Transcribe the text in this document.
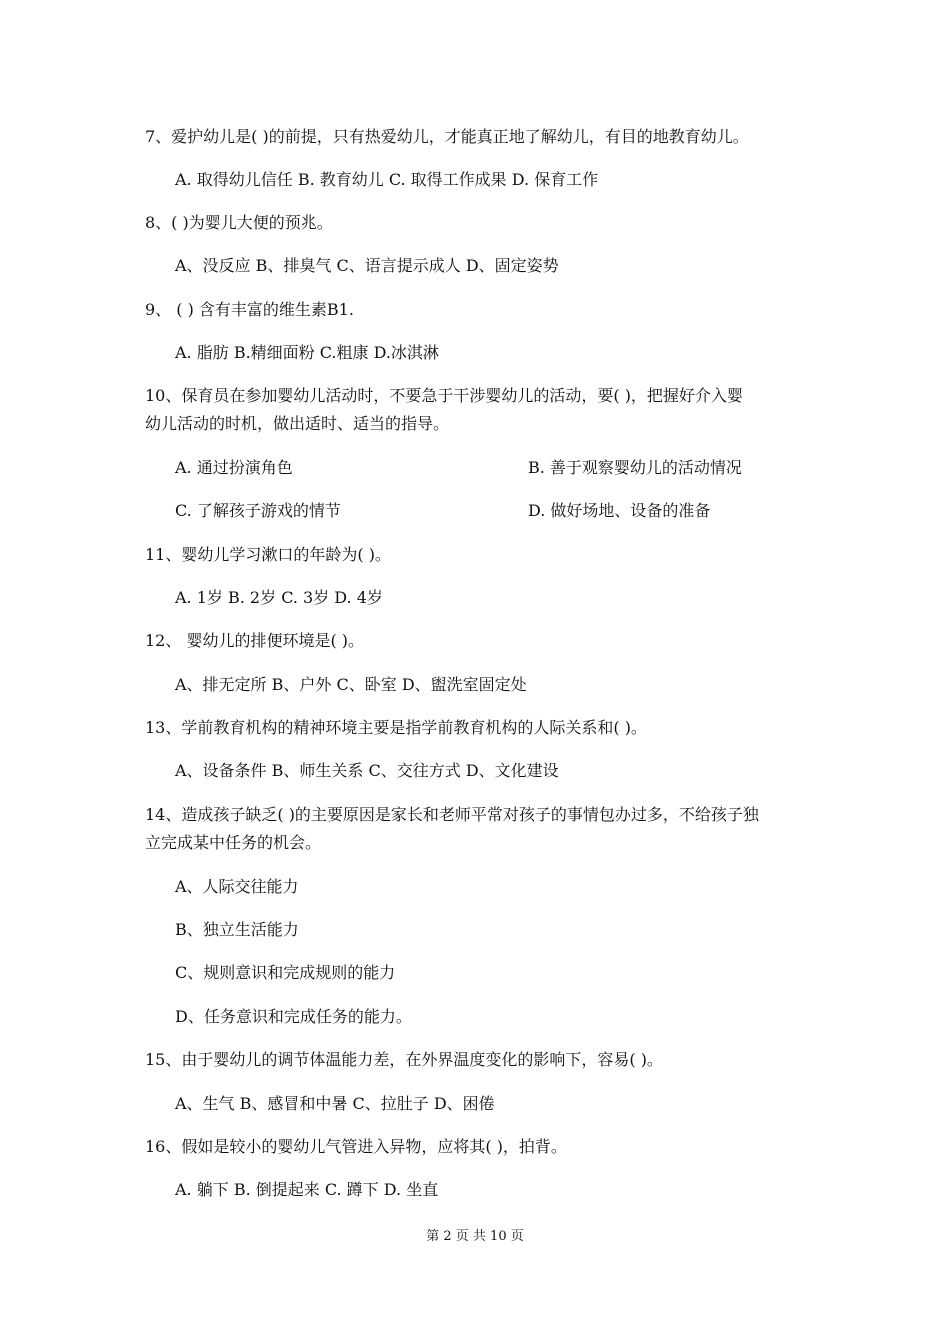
7、爱护幼儿是( )的前提，只有热爱幼儿，才能真正地了解幼儿，有目的地教育幼儿。
A. 取得幼儿信任 B. 教育幼儿 C. 取得工作成果 D. 保育工作
8、( )为婴儿大便的预兆。
A、没反应 B、排臭气 C、语言提示成人 D、固定姿势
9、 ( ) 含有丰富的维生素B1.
A. 脂肪 B.精细面粉 C.粗康 D.冰淇淋
10、保育员在参加婴幼儿活动时，不要急于干涉婴幼儿的活动，要( )，把握好介入婴
幼儿活动的时机，做出适时、适当的指导。
A. 通过扮演角色	B. 善于观察婴幼儿的活动情况
C. 了解孩子游戏的情节	D. 做好场地、设备的准备
11、婴幼儿学习漱口的年龄为( )。
A. 1岁 B. 2岁 C. 3岁 D. 4岁
12、 婴幼儿的排便环境是( )。
A、排无定所 B、户外 C、卧室 D、盥洗室固定处
13、学前教育机构的精神环境主要是指学前教育机构的人际关系和( )。
A、设备条件 B、师生关系 C、交往方式 D、文化建设
14、造成孩子缺乏( )的主要原因是家长和老师平常对孩子的事情包办过多，不给孩子独
立完成某中任务的机会。
A、人际交往能力
B、独立生活能力
C、规则意识和完成规则的能力
D、任务意识和完成任务的能力。
15、由于婴幼儿的调节体温能力差，在外界温度变化的影响下，容易( )。
A、生气 B、感冒和中暑 C、拉肚子 D、困倦
16、假如是较小的婴幼儿气管进入异物，应将其( )，拍背。
A. 躺下 B. 倒提起来 C. 蹲下 D. 坐直
第 2 页 共 10 页
